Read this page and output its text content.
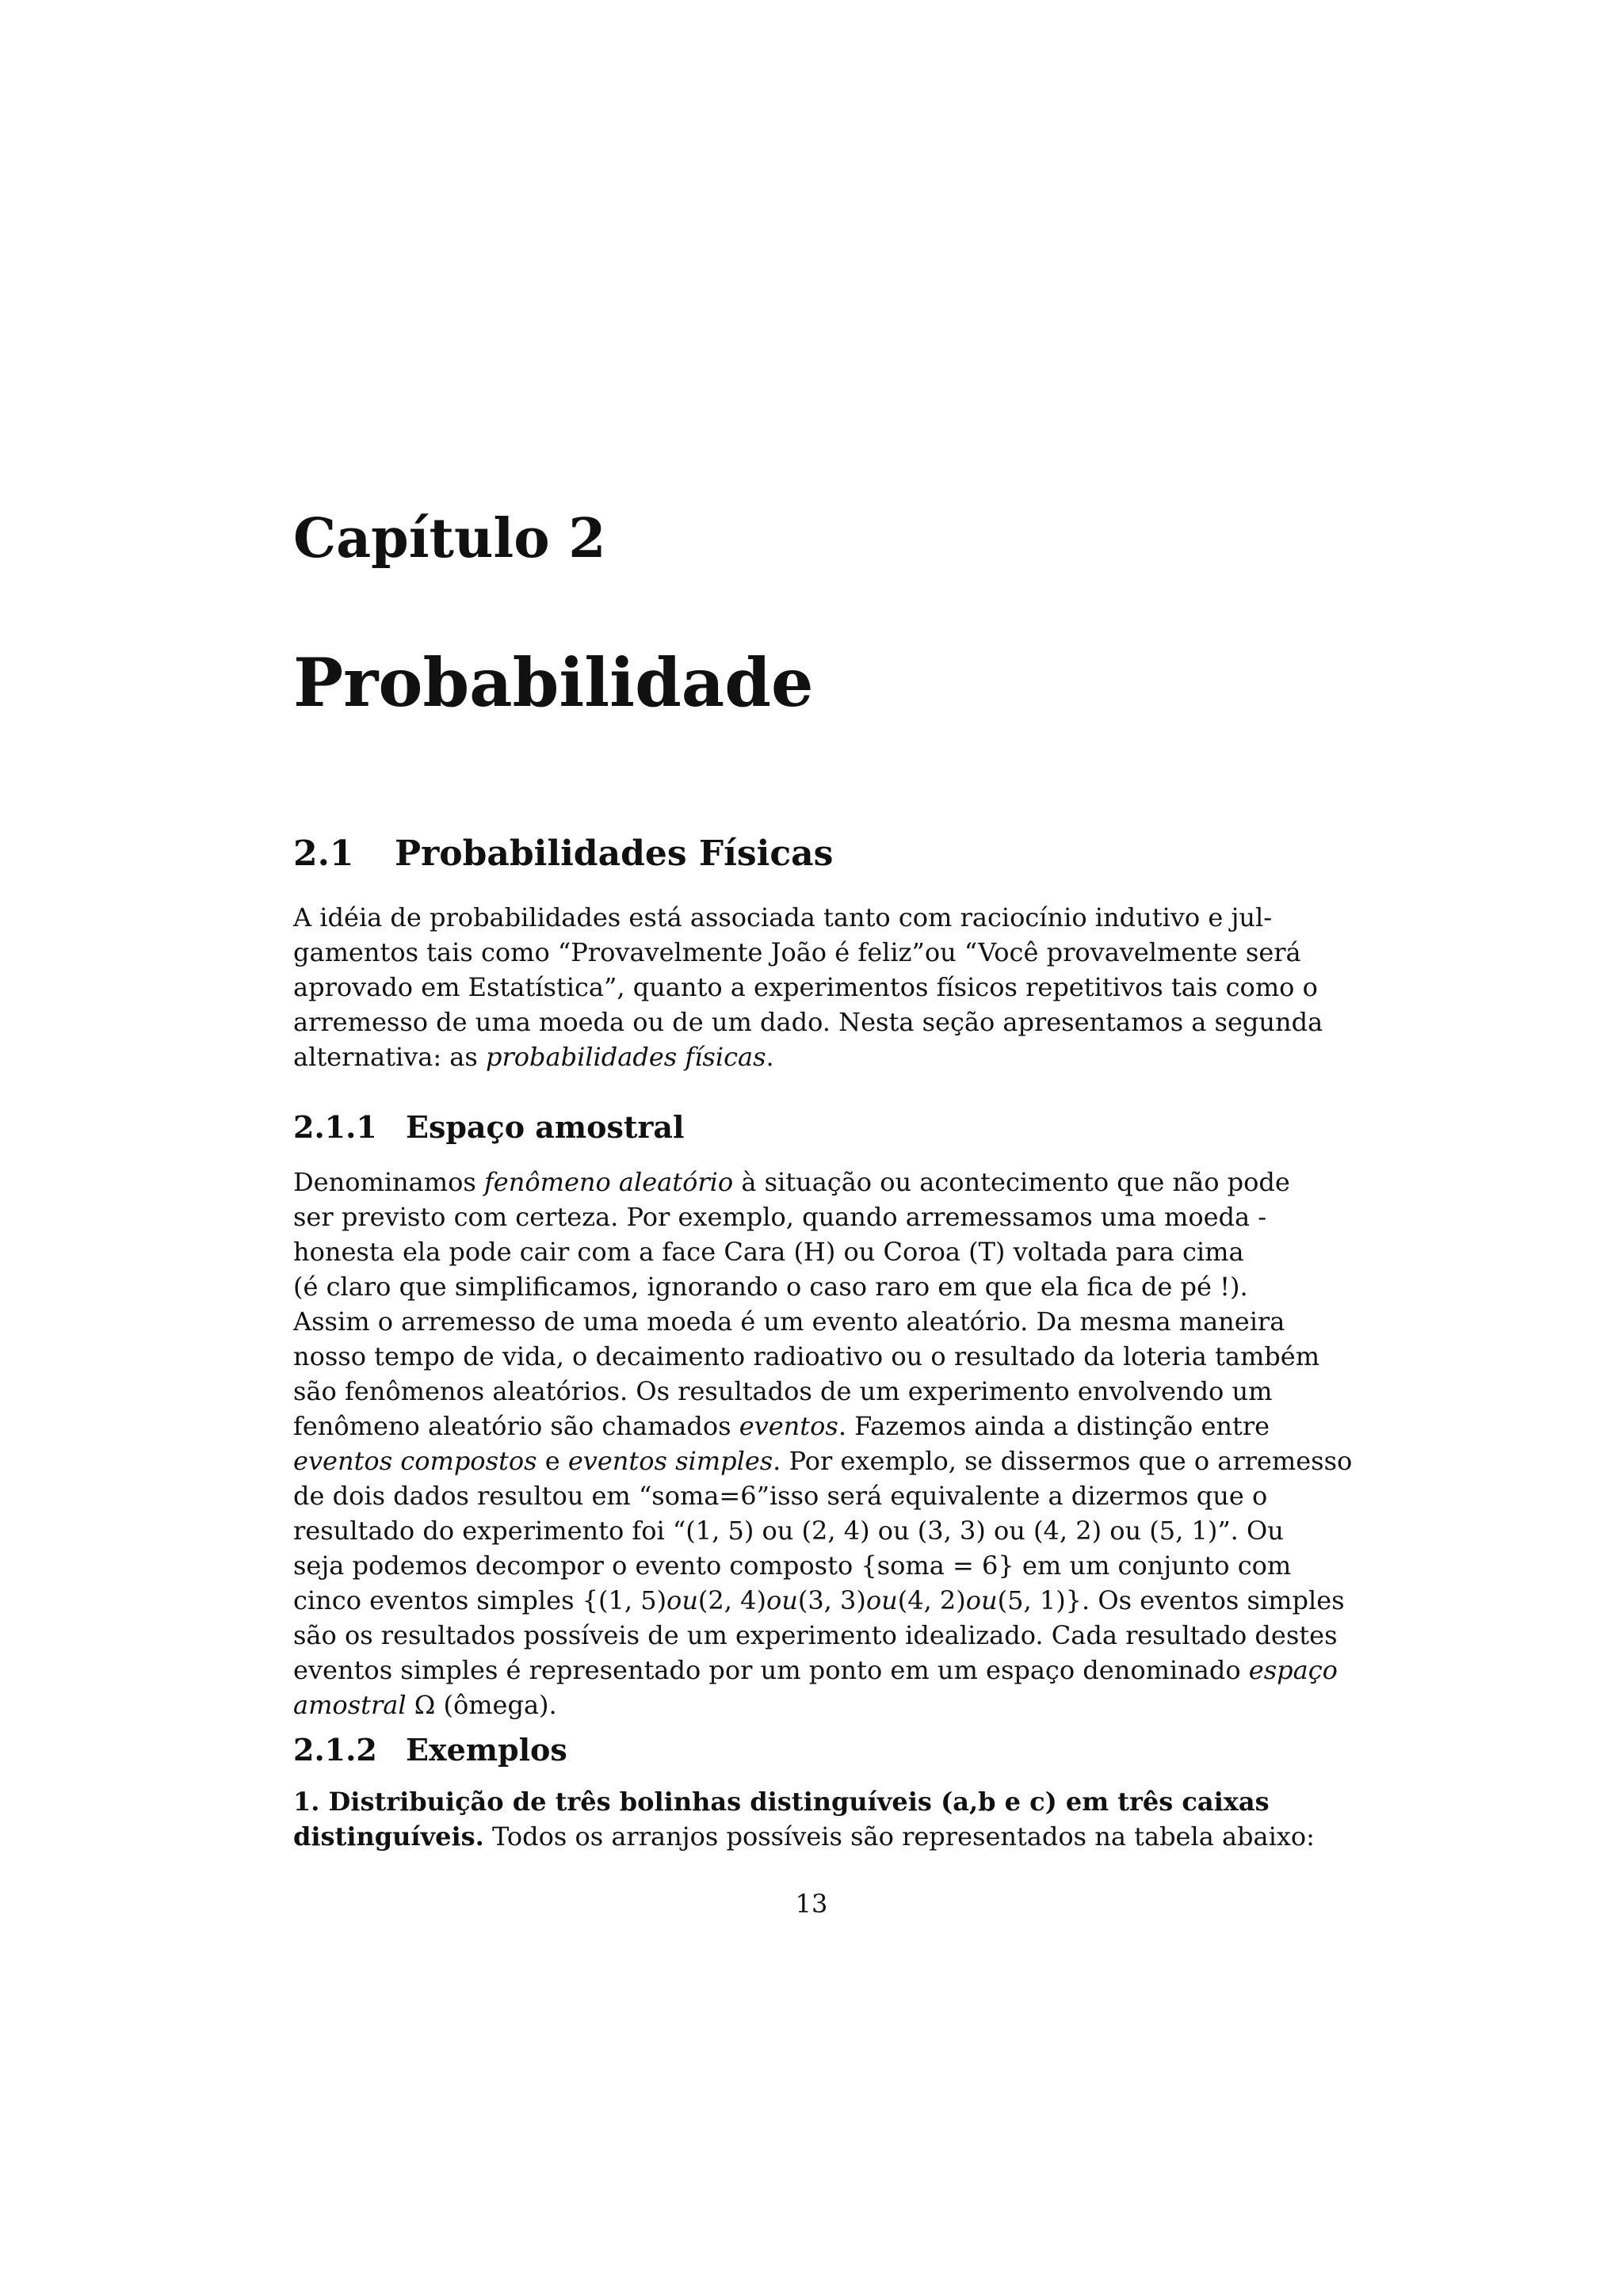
Capítulo 2
Probabilidade
2.1 Probabilidades Físicas
A idéia de probabilidades está associada tanto com raciocínio indutivo e jul-
gamentos tais como “Provavelmente João é feliz”ou “Você provavelmente será
aprovado em Estatística”, quanto a experimentos físicos repetitivos tais como o
arremesso de uma moeda ou de um dado. Nesta seção apresentamos a segunda
alternativa: as probabilidades físicas.
2.1.1 Espaço amostral
Denominamos fenômeno aleatório à situação ou acontecimento que não pode
ser previsto com certeza. Por exemplo, quando arremessamos uma moeda -
honesta ela pode cair com a face Cara (H) ou Coroa (T) voltada para cima
(é claro que simplificamos, ignorando o caso raro em que ela fica de pé !).
Assim o arremesso de uma moeda é um evento aleatório. Da mesma maneira
nosso tempo de vida, o decaimento radioativo ou o resultado da loteria também
são fenômenos aleatórios. Os resultados de um experimento envolvendo um
fenômeno aleatório são chamados eventos. Fazemos ainda a distinção entre
eventos compostos e eventos simples. Por exemplo, se dissermos que o arremesso
de dois dados resultou em “soma=6”isso será equivalente a dizermos que o
resultado do experimento foi “(1, 5) ou (2, 4) ou (3, 3) ou (4, 2) ou (5, 1)”. Ou
seja podemos decompor o evento composto {soma = 6} em um conjunto com
cinco eventos simples {(1, 5)ou(2, 4)ou(3, 3)ou(4, 2)ou(5, 1)}. Os eventos simples
são os resultados possíveis de um experimento idealizado. Cada resultado destes
eventos simples é representado por um ponto em um espaço denominado espaço
amostral Ω (ômega).
2.1.2 Exemplos
1. Distribuição de três bolinhas distinguíveis (a,b e c) em três caixas
distinguíveis. Todos os arranjos possíveis são representados na tabela abaixo:
13
